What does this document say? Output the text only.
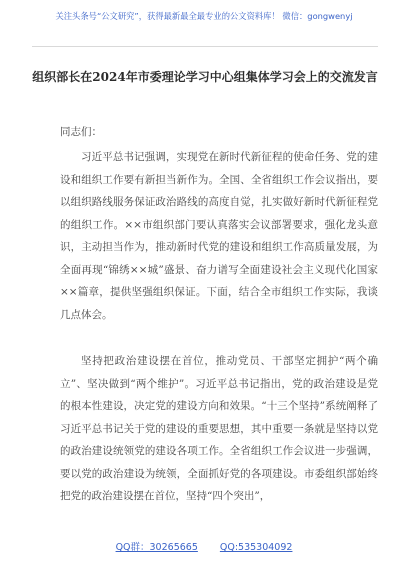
关注头条号“公文研究”，获得最新最全最专业的公文资料库！ 微信：gongwenyj
组织部长在2024年市委理论学习中心组集体学习会上的交流发言
同志们：

习近平总书记强调，实现党在新时代新征程的使命任务、党的建设和组织工作要有新担当新作为。全国、全省组织工作会议指出，要以组织路线服务保证政治路线的高度自觉，扎实做好新时代新征程党的组织工作。××市组织部门要认真落实会议部署要求，强化龙头意识，主动担当作为，推动新时代党的建设和组织工作高质量发展，为全面再现“锦绣××城”盛景、奋力谱写全面建设社会主义现代化国家××篇章，提供坚强组织保证。下面，结合全市组织工作实际，我谈几点体会。

坚持把政治建设摆在首位，推动党员、干部坚定拥护“两个确立”、坚决做到“两个维护”。习近平总书记指出，党的政治建设是党的根本性建设，决定党的建设方向和效果。“十三个坚持”系统阐释了习近平总书记关于党的建设的重要思想，其中重要一条就是坚持以党的政治建设统领党的建设各项工作。全省组织工作会议进一步强调，要以党的政治建设为统领，全面抓好党的各项建设。市委组织部始终把党的政治建设摆在首位，坚持“四个突出”，

QQ群：30265665 QQ:535304092
